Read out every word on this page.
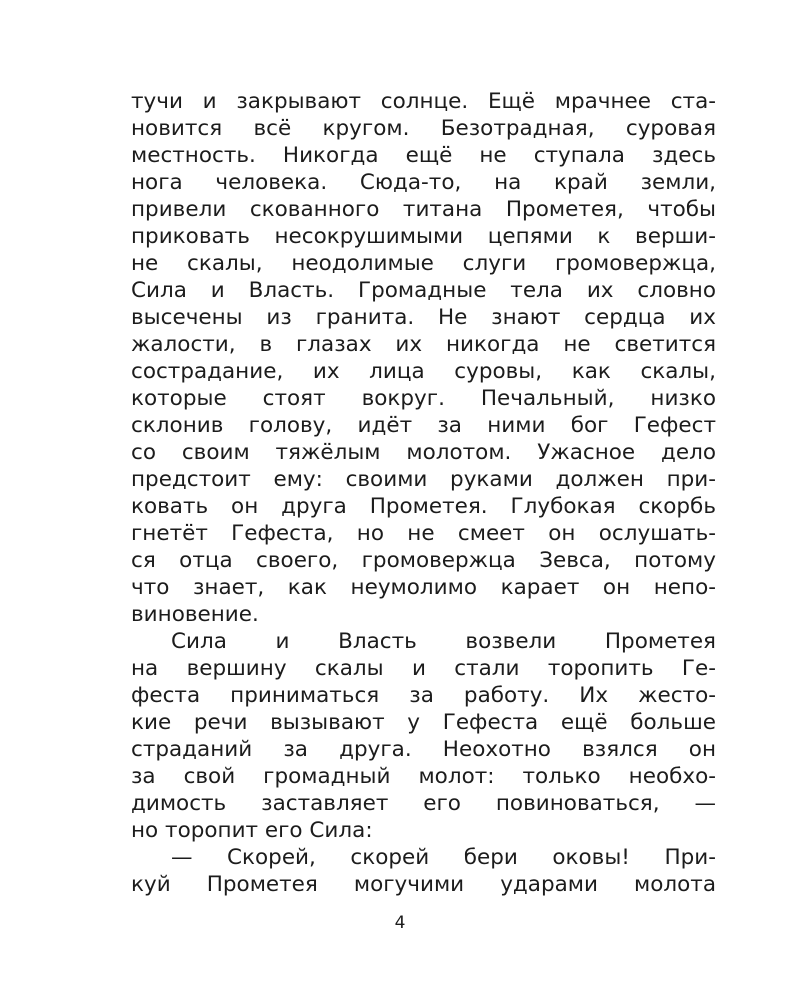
тучи и закрывают солнце. Ещё мрачнее ста-
новится всё кругом. Безотрадная, суровая
местность. Никогда ещё не ступала здесь
нога человека. Сюда-то, на край земли,
привели скованного титана Прометея, чтобы
приковать несокрушимыми цепями к верши-
не скалы, неодолимые слуги громовержца,
Сила и Власть. Громадные тела их словно
высечены из гранита. Не знают сердца их
жалости, в глазах их никогда не светится
сострадание, их лица суровы, как скалы,
которые стоят вокруг. Печальный, низко
склонив голову, идёт за ними бог Гефест
со своим тяжёлым молотом. Ужасное дело
предстоит ему: своими руками должен при-
ковать он друга Прометея. Глубокая скорбь
гнетёт Гефеста, но не смеет он ослушать-
ся отца своего, громовержца Зевса, потому
что знает, как неумолимо карает он непо-
виновение.
Сила и Власть возвели Прометея
на вершину скалы и стали торопить Ге-
феста приниматься за работу. Их жесто-
кие речи вызывают у Гефеста ещё больше
страданий за друга. Неохотно взялся он
за свой громадный молот: только необхо-
димость заставляет его повиноваться, —
но торопит его Сила:
— Скорей, скорей бери оковы! При-
куй Прометея могучими ударами молота
4
